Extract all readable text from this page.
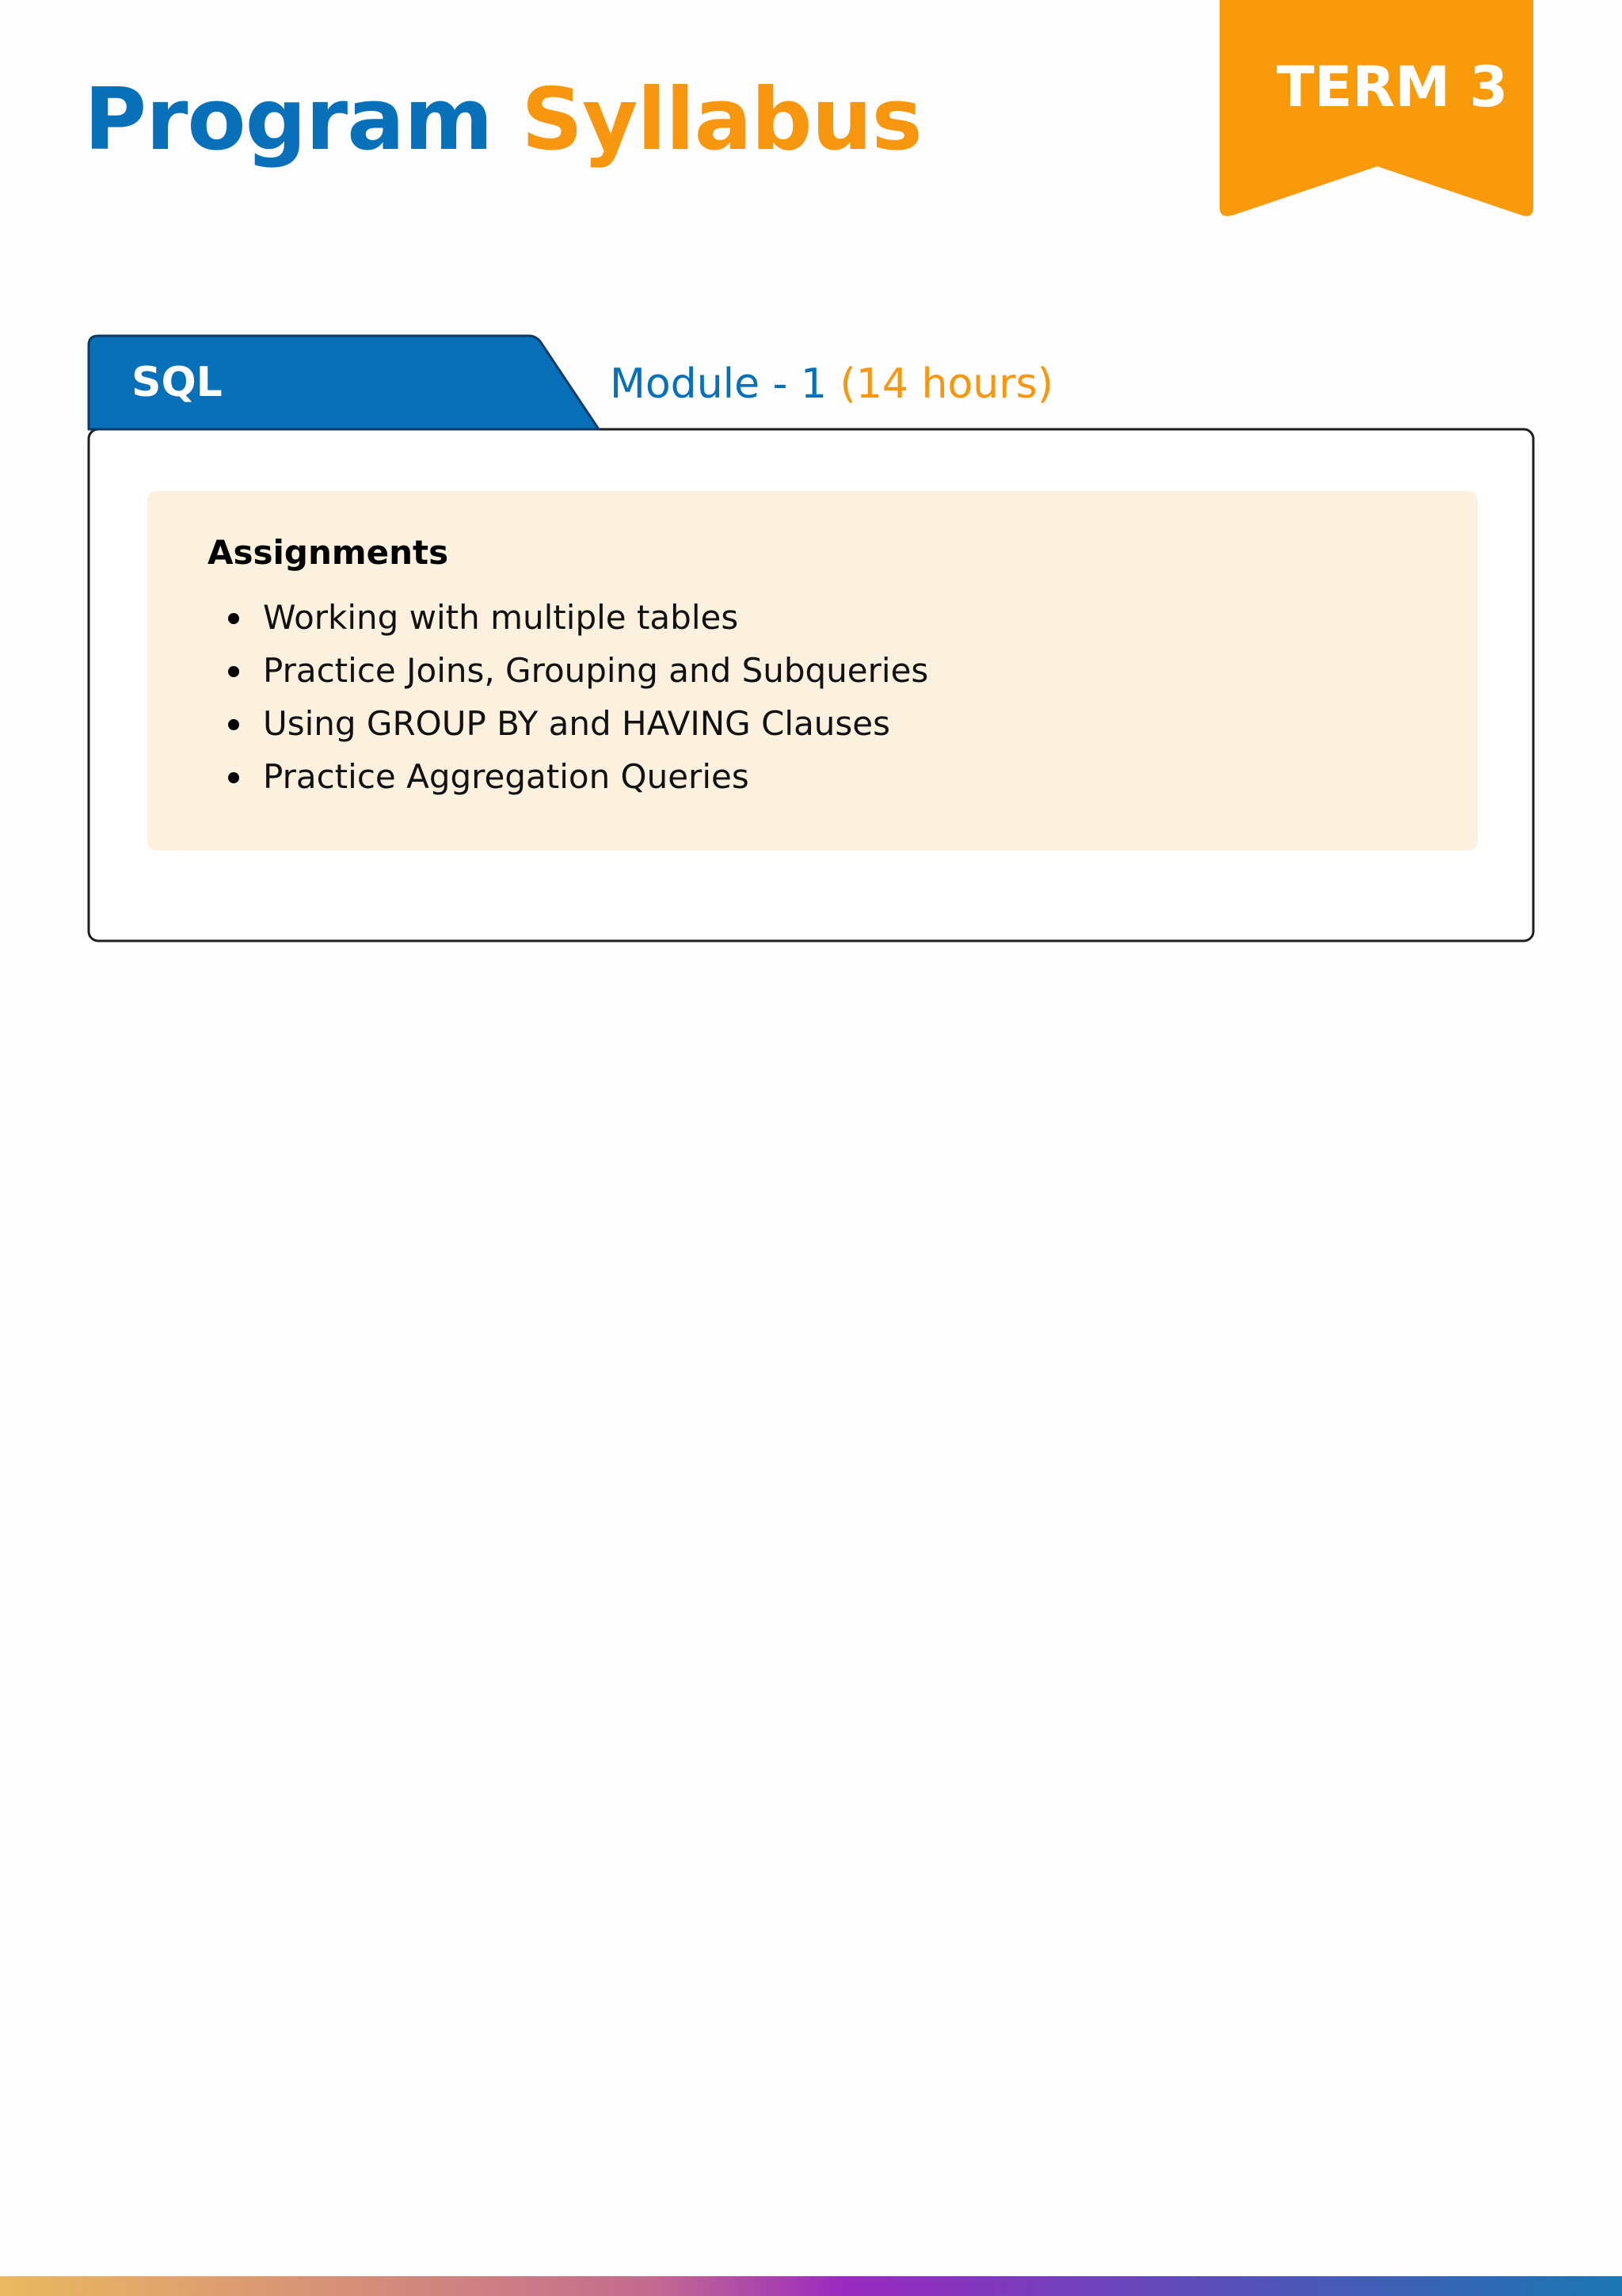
Program Syllabus	TERM 3
SQL	Module - 1 (14 hours)
Assignments
Working with multiple tables
Practice Joins, Grouping and Subqueries
Using GROUP BY and HAVING Clauses
Practice Aggregation Queries
